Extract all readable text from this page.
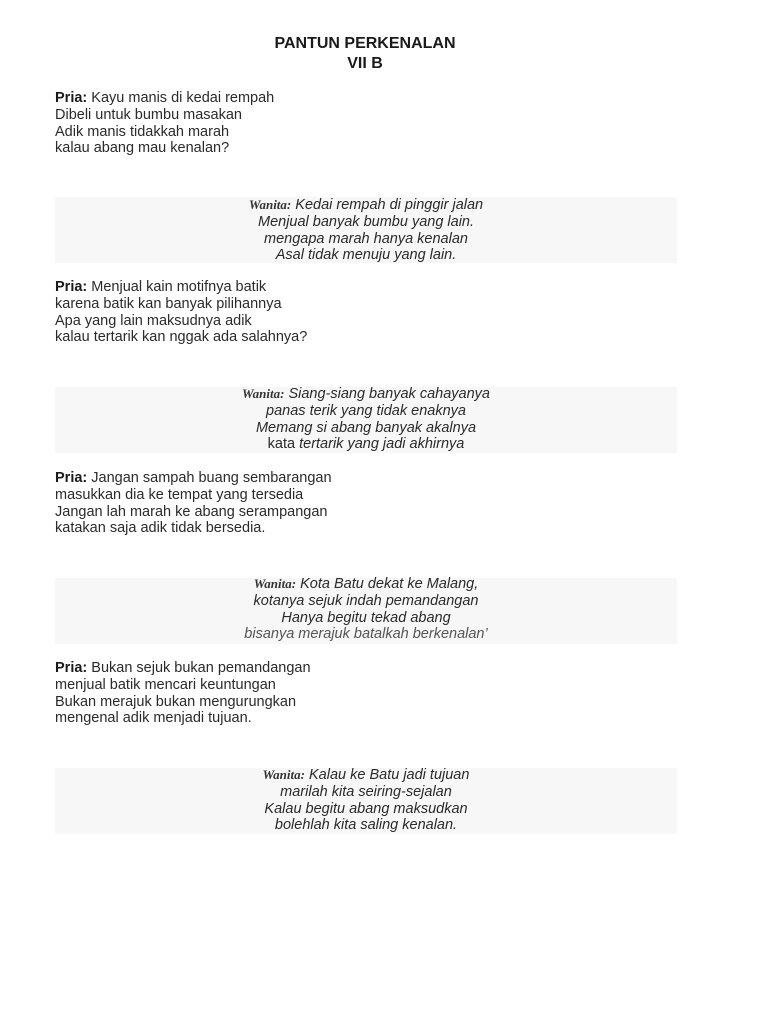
PANTUN PERKENALAN
VII B
Pria: Kayu manis di kedai rempah
Dibeli untuk bumbu masakan
Adik manis tidakkah marah
kalau abang mau kenalan?
Wanita: Kedai rempah di pinggir jalan
Menjual banyak bumbu yang lain.
mengapa marah hanya kenalan
Asal tidak menuju yang lain.
Pria: Menjual kain motifnya batik
karena batik kan banyak pilihannya
Apa yang lain maksudnya adik
kalau tertarik kan nggak ada salahnya?
Wanita: Siang-siang banyak cahayanya
panas terik yang tidak enaknya
Memang si abang banyak akalnya
kata tertarik yang jadi akhirnya
Pria: Jangan sampah buang sembarangan
masukkan dia ke tempat yang tersedia
Jangan lah marah ke abang serampangan
katakan saja adik tidak bersedia.
Wanita: Kota Batu dekat ke Malang,
kotanya sejuk indah pemandangan
Hanya begitu tekad abang
bisanya merajuk batalkah berkenalan’
Pria: Bukan sejuk bukan pemandangan
menjual batik mencari keuntungan
Bukan merajuk bukan mengurungkan
mengenal adik menjadi tujuan.
Wanita: Kalau ke Batu jadi tujuan
marilah kita seiring-sejalan
Kalau begitu abang maksudkan
bolehlah kita saling kenalan.
